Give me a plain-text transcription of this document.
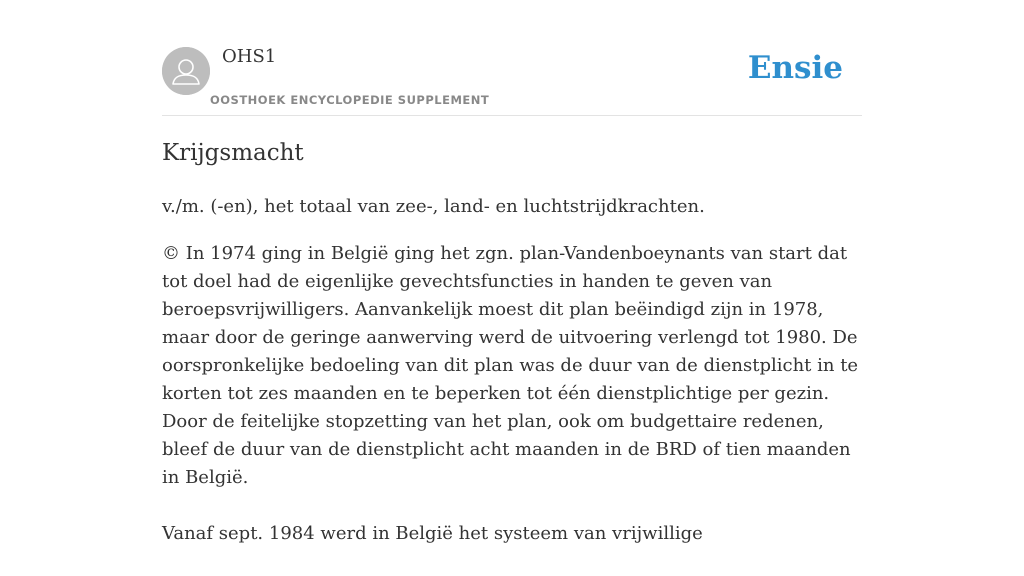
OHS1
OOSTHOEK ENCYCLOPEDIE SUPPLEMENT
Ensie
Krijgsmacht

v./m. (-en), het totaal van zee-, land- en luchtstrijdkrachten.

© In 1974 ging in België ging het zgn. plan-Vandenboeynants van start dat tot doel had de eigenlijke gevechtsfuncties in handen te geven van beroepsvrijwilligers. Aanvankelijk moest dit plan beëindigd zijn in 1978, maar door de geringe aanwerving werd de uitvoering verlengd tot 1980. De oorspronkelijke bedoeling van dit plan was de duur van de dienstplicht in te korten tot zes maanden en te beperken tot één dienstplichtige per gezin. Door de feitelijke stopzetting van het plan, ook om budgettaire redenen, bleef de duur van de dienstplicht acht maanden in de BRD of tien maanden in België.

Vanaf sept. 1984 werd in België het systeem van vrijwillige
